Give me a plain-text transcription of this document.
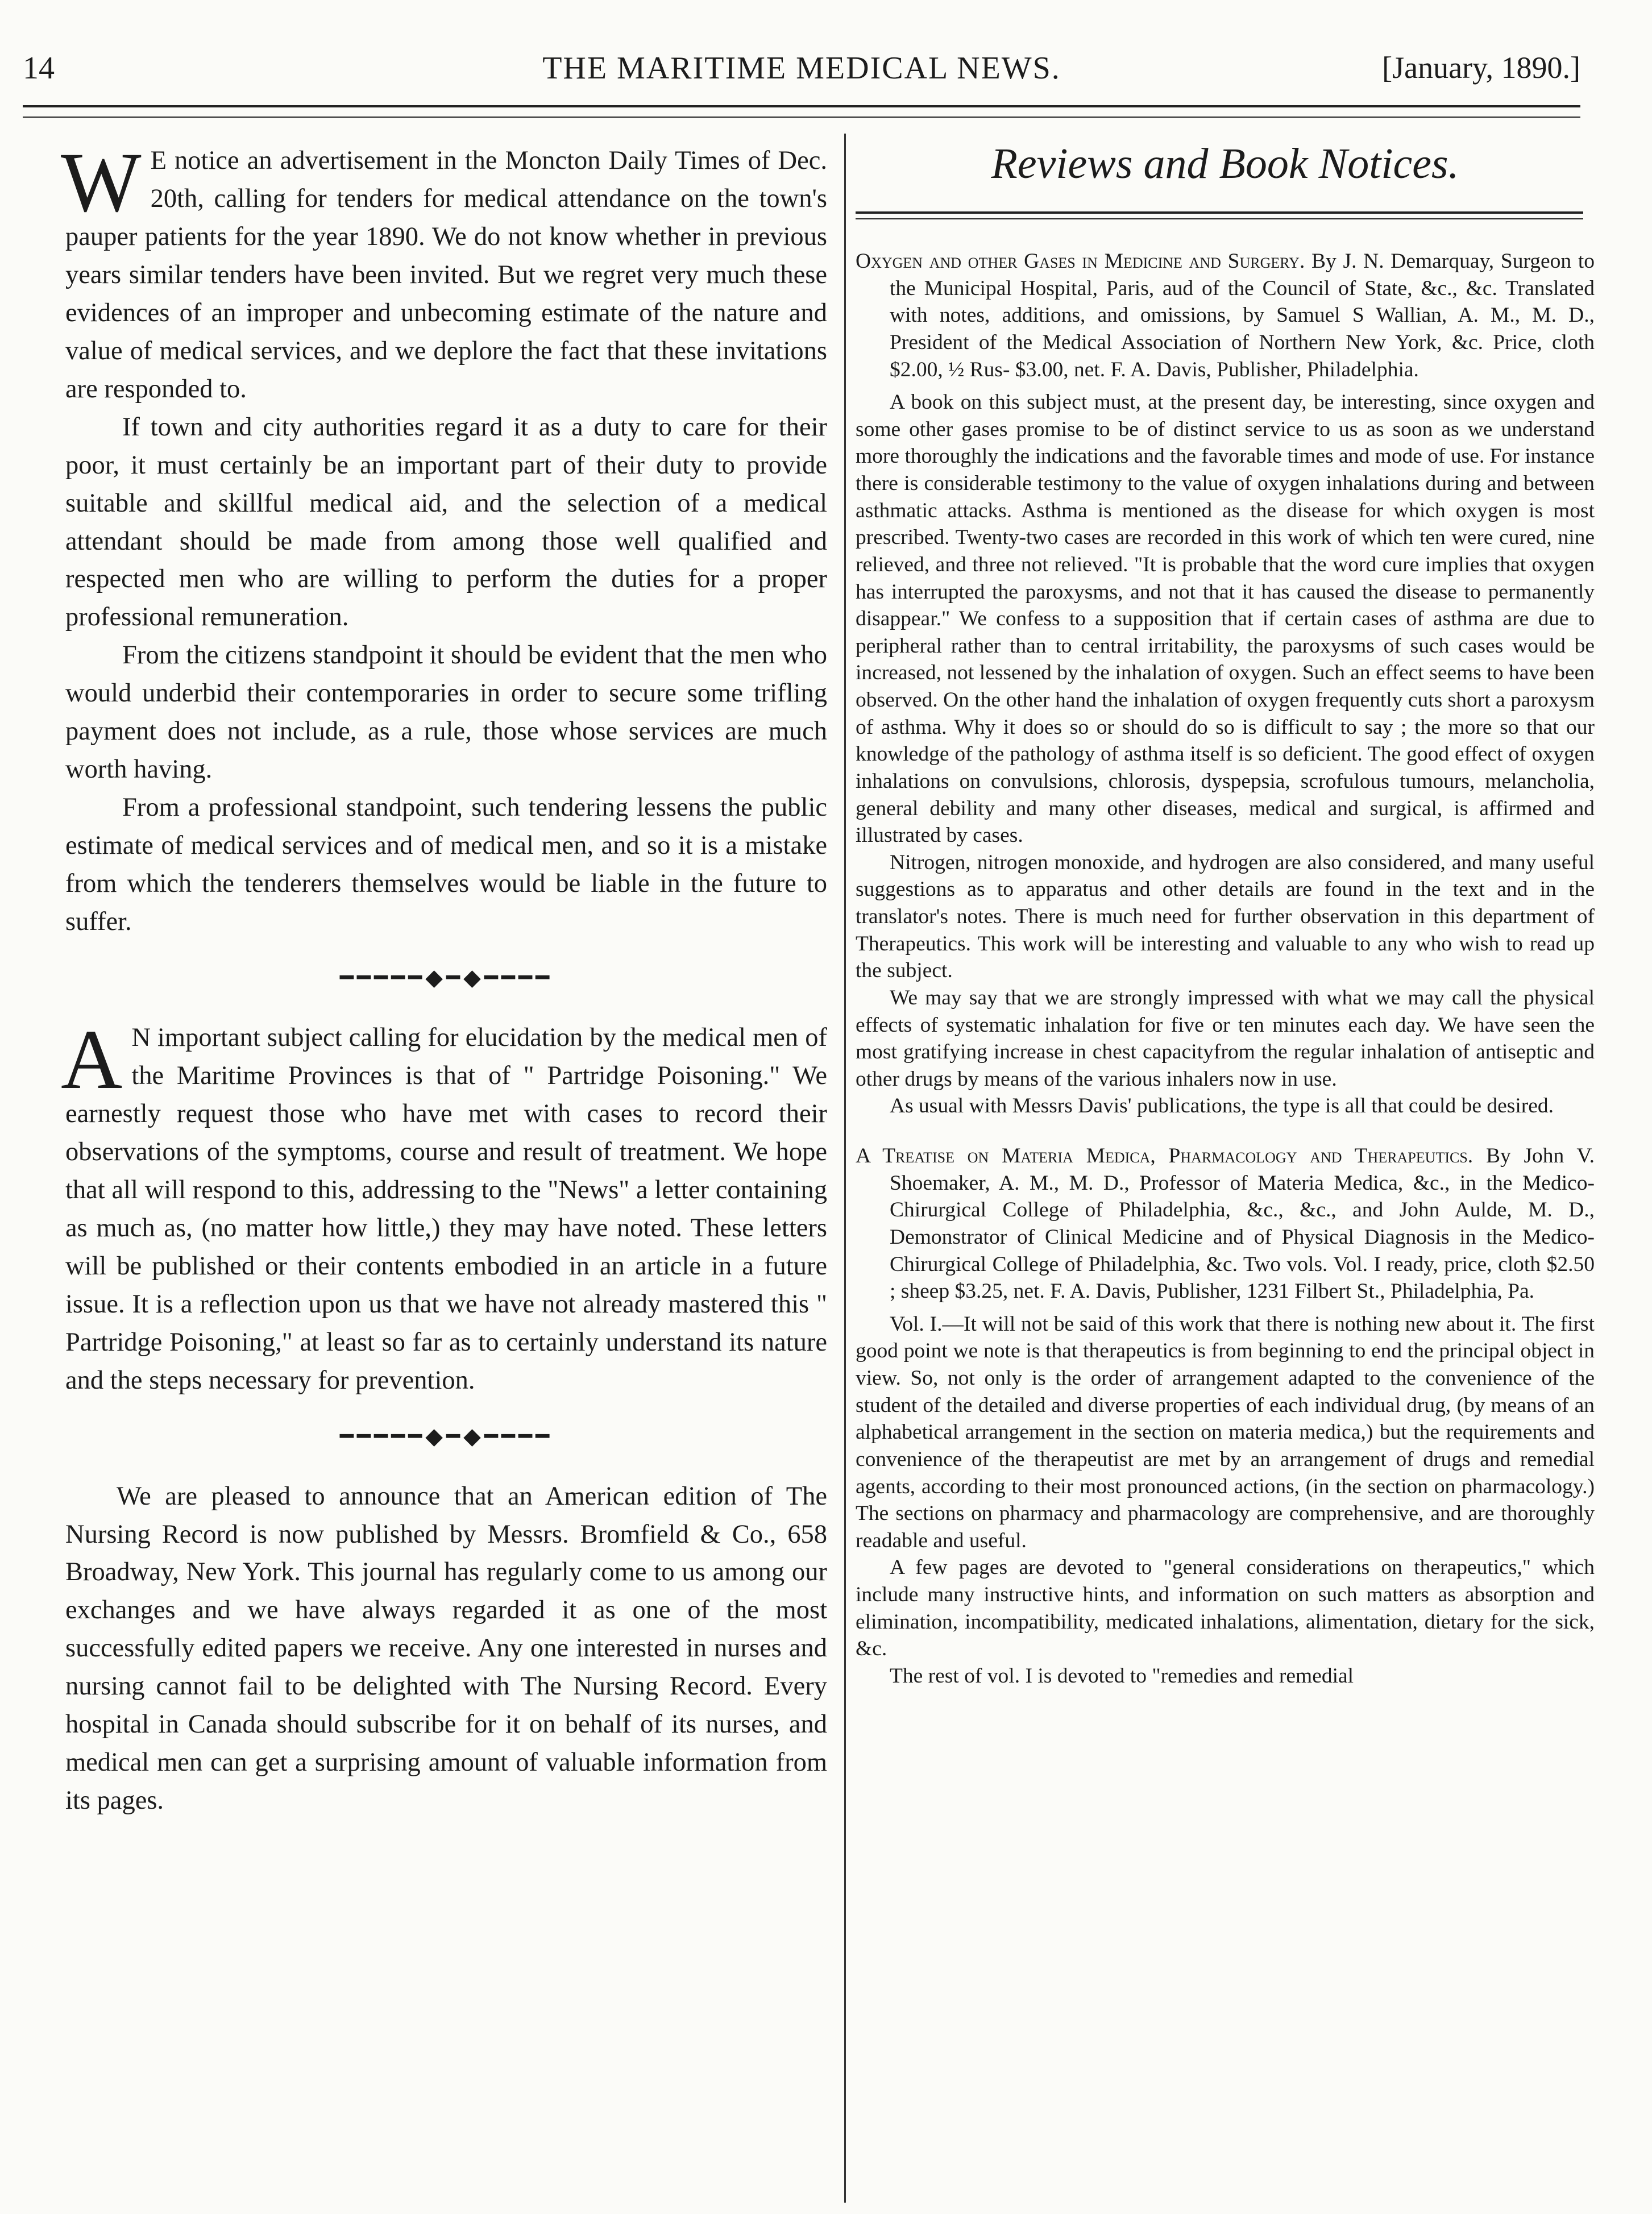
14	THE MARITIME MEDICAL NEWS.	[January, 1890.]
W E notice an advertisement in the Moncton Daily Times of Dec. 20th, calling for tenders for medical attendance on the town's pauper patients for the year 1890. We do not know whether in previous years similar tenders have been invited. But we regret very much these evidences of an improper and unbecoming estimate of the nature and value of medical services, and we deplore the fact that these invitations are responded to.

If town and city authorities regard it as a duty to care for their poor, it must certainly be an important part of their duty to provide suitable and skillful medical aid, and the selection of a medical attendant should be made from among those well qualified and respected men who are willing to perform the duties for a proper professional remuneration.

From the citizens standpoint it should be evident that the men who would underbid their contemporaries in order to secure some trifling payment does not include, as a rule, those whose services are much worth having.

From a professional standpoint, such tendering lessens the public estimate of medical services and of medical men, and so it is a mistake from which the tenderers themselves would be liable in the future to suffer.

━━━━━◆━◆━━━━
A N important subject calling for elucidation by the medical men of the Maritime Provinces is that of " Partridge Poisoning." We earnestly request those who have met with cases to record their observations of the symptoms, course and result of treatment. We hope that all will respond to this, addressing to the "News" a letter containing as much as, (no matter how little,) they may have noted. These letters will be published or their contents embodied in an article in a future issue. It is a reflection upon us that we have not already mastered this " Partridge Poisoning," at least so far as to certainly understand its nature and the steps necessary for prevention.

━━━━━◆━◆━━━━

We are pleased to announce that an American edition of The Nursing Record is now published by Messrs. Bromfield & Co., 658 Broadway, New York. This journal has regularly come to us among our exchanges and we have always regarded it as one of the most successfully edited papers we receive. Any one interested in nurses and nursing cannot fail to be delighted with The Nursing Record. Every hospital in Canada should subscribe for it on behalf of its nurses, and medical men can get a surprising amount of valuable information from its pages.

Reviews and Book Notices.

Oxygen and other Gases in Medicine and Surgery. By J. N. Demarquay, Surgeon to the Municipal Hospital, Paris, aud of the Council of State, &c., &c. Translated with notes, additions, and omissions, by Samuel S Wallian, A. M., M. D., President of the Medical Association of Northern New York, &c. Price, cloth $2.00, ½ Rus- $3.00, net. F. A. Davis, Publisher, Philadelphia.

A book on this subject must, at the present day, be interesting, since oxygen and some other gases promise to be of distinct service to us as soon as we understand more thoroughly the indications and the favorable times and mode of use. For instance there is considerable testimony to the value of oxygen inhalations during and between asthmatic attacks. Asthma is mentioned as the disease for which oxygen is most prescribed. Twenty-two cases are recorded in this work of which ten were cured, nine relieved, and three not relieved. "It is probable that the word cure implies that oxygen has interrupted the paroxysms, and not that it has caused the disease to permanently disappear." We confess to a supposition that if certain cases of asthma are due to peripheral rather than to central irritability, the paroxysms of such cases would be increased, not lessened by the inhalation of oxygen. Such an effect seems to have been observed. On the other hand the inhalation of oxygen frequently cuts short a paroxysm of asthma. Why it does so or should do so is difficult to say ; the more so that our knowledge of the pathology of asthma itself is so deficient. The good effect of oxygen inhalations on convulsions, chlorosis, dyspepsia, scrofulous tumours, melancholia, general debility and many other diseases, medical and surgical, is affirmed and illustrated by cases.

Nitrogen, nitrogen monoxide, and hydrogen are also considered, and many useful suggestions as to apparatus and other details are found in the text and in the translator's notes. There is much need for further observation in this department of Therapeutics. This work will be interesting and valuable to any who wish to read up the subject.

We may say that we are strongly impressed with what we may call the physical effects of systematic inhalation for five or ten minutes each day. We have seen the most gratifying increase in chest capacityfrom the regular inhalation of antiseptic and other drugs by means of the various inhalers now in use.

As usual with Messrs Davis' publications, the type is all that could be desired.

A Treatise on Materia Medica, Pharmacology and Therapeutics. By John V. Shoemaker, A. M., M. D., Professor of Materia Medica, &c., in the Medico-Chirurgical College of Philadelphia, &c., &c., and John Aulde, M. D., Demonstrator of Clinical Medicine and of Physical Diagnosis in the Medico-Chirurgical College of Philadelphia, &c. Two vols. Vol. I ready, price, cloth $2.50 ; sheep $3.25, net. F. A. Davis, Publisher, 1231 Filbert St., Philadelphia, Pa.

Vol. I.—It will not be said of this work that there is nothing new about it. The first good point we note is that therapeutics is from beginning to end the principal object in view. So, not only is the order of arrangement adapted to the convenience of the student of the detailed and diverse properties of each individual drug, (by means of an alphabetical arrangement in the section on materia medica,) but the requirements and convenience of the therapeutist are met by an arrangement of drugs and remedial agents, according to their most pronounced actions, (in the section on pharmacology.) The sections on pharmacy and pharmacology are comprehensive, and are thoroughly readable and useful.

A few pages are devoted to "general considerations on therapeutics," which include many instructive hints, and information on such matters as absorption and elimination, incompatibility, medicated inhalations, alimentation, dietary for the sick, &c.

The rest of vol. I is devoted to "remedies and remedial
